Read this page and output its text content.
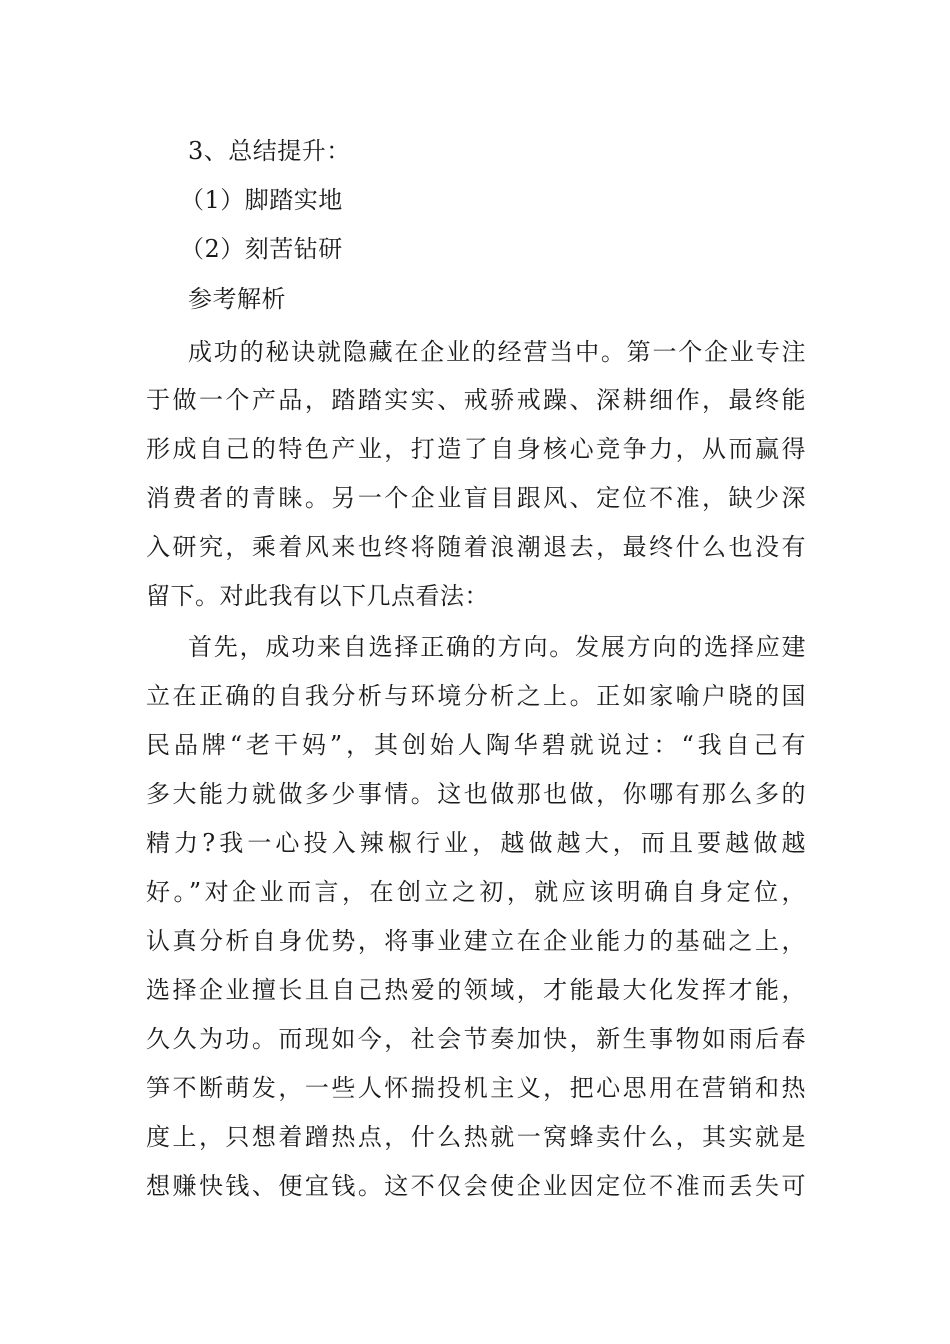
3、总结提升：
（1）脚踏实地
（2）刻苦钻研
参考解析
成功的秘诀就隐藏在企业的经营当中。第一个企业专注
于做一个产品，踏踏实实、戒骄戒躁、深耕细作，最终能
形成自己的特色产业，打造了自身核心竞争力，从而赢得
消费者的青睐。另一个企业盲目跟风、定位不准，缺少深
入研究，乘着风来也终将随着浪潮退去，最终什么也没有
留下。对此我有以下几点看法：
首先，成功来自选择正确的方向。发展方向的选择应建
立在正确的自我分析与环境分析之上。正如家喻户晓的国
民品牌“老干妈”，其创始人陶华碧就说过：“我自己有
多大能力就做多少事情。这也做那也做，你哪有那么多的
精力?我一心投入辣椒行业，越做越大，而且要越做越
好。”对企业而言，在创立之初，就应该明确自身定位，
认真分析自身优势，将事业建立在企业能力的基础之上，
选择企业擅长且自己热爱的领域，才能最大化发挥才能，
久久为功。而现如今，社会节奏加快，新生事物如雨后春
笋不断萌发，一些人怀揣投机主义，把心思用在营销和热
度上，只想着蹭热点，什么热就一窝蜂卖什么，其实就是
想赚快钱、便宜钱。这不仅会使企业因定位不准而丢失可
